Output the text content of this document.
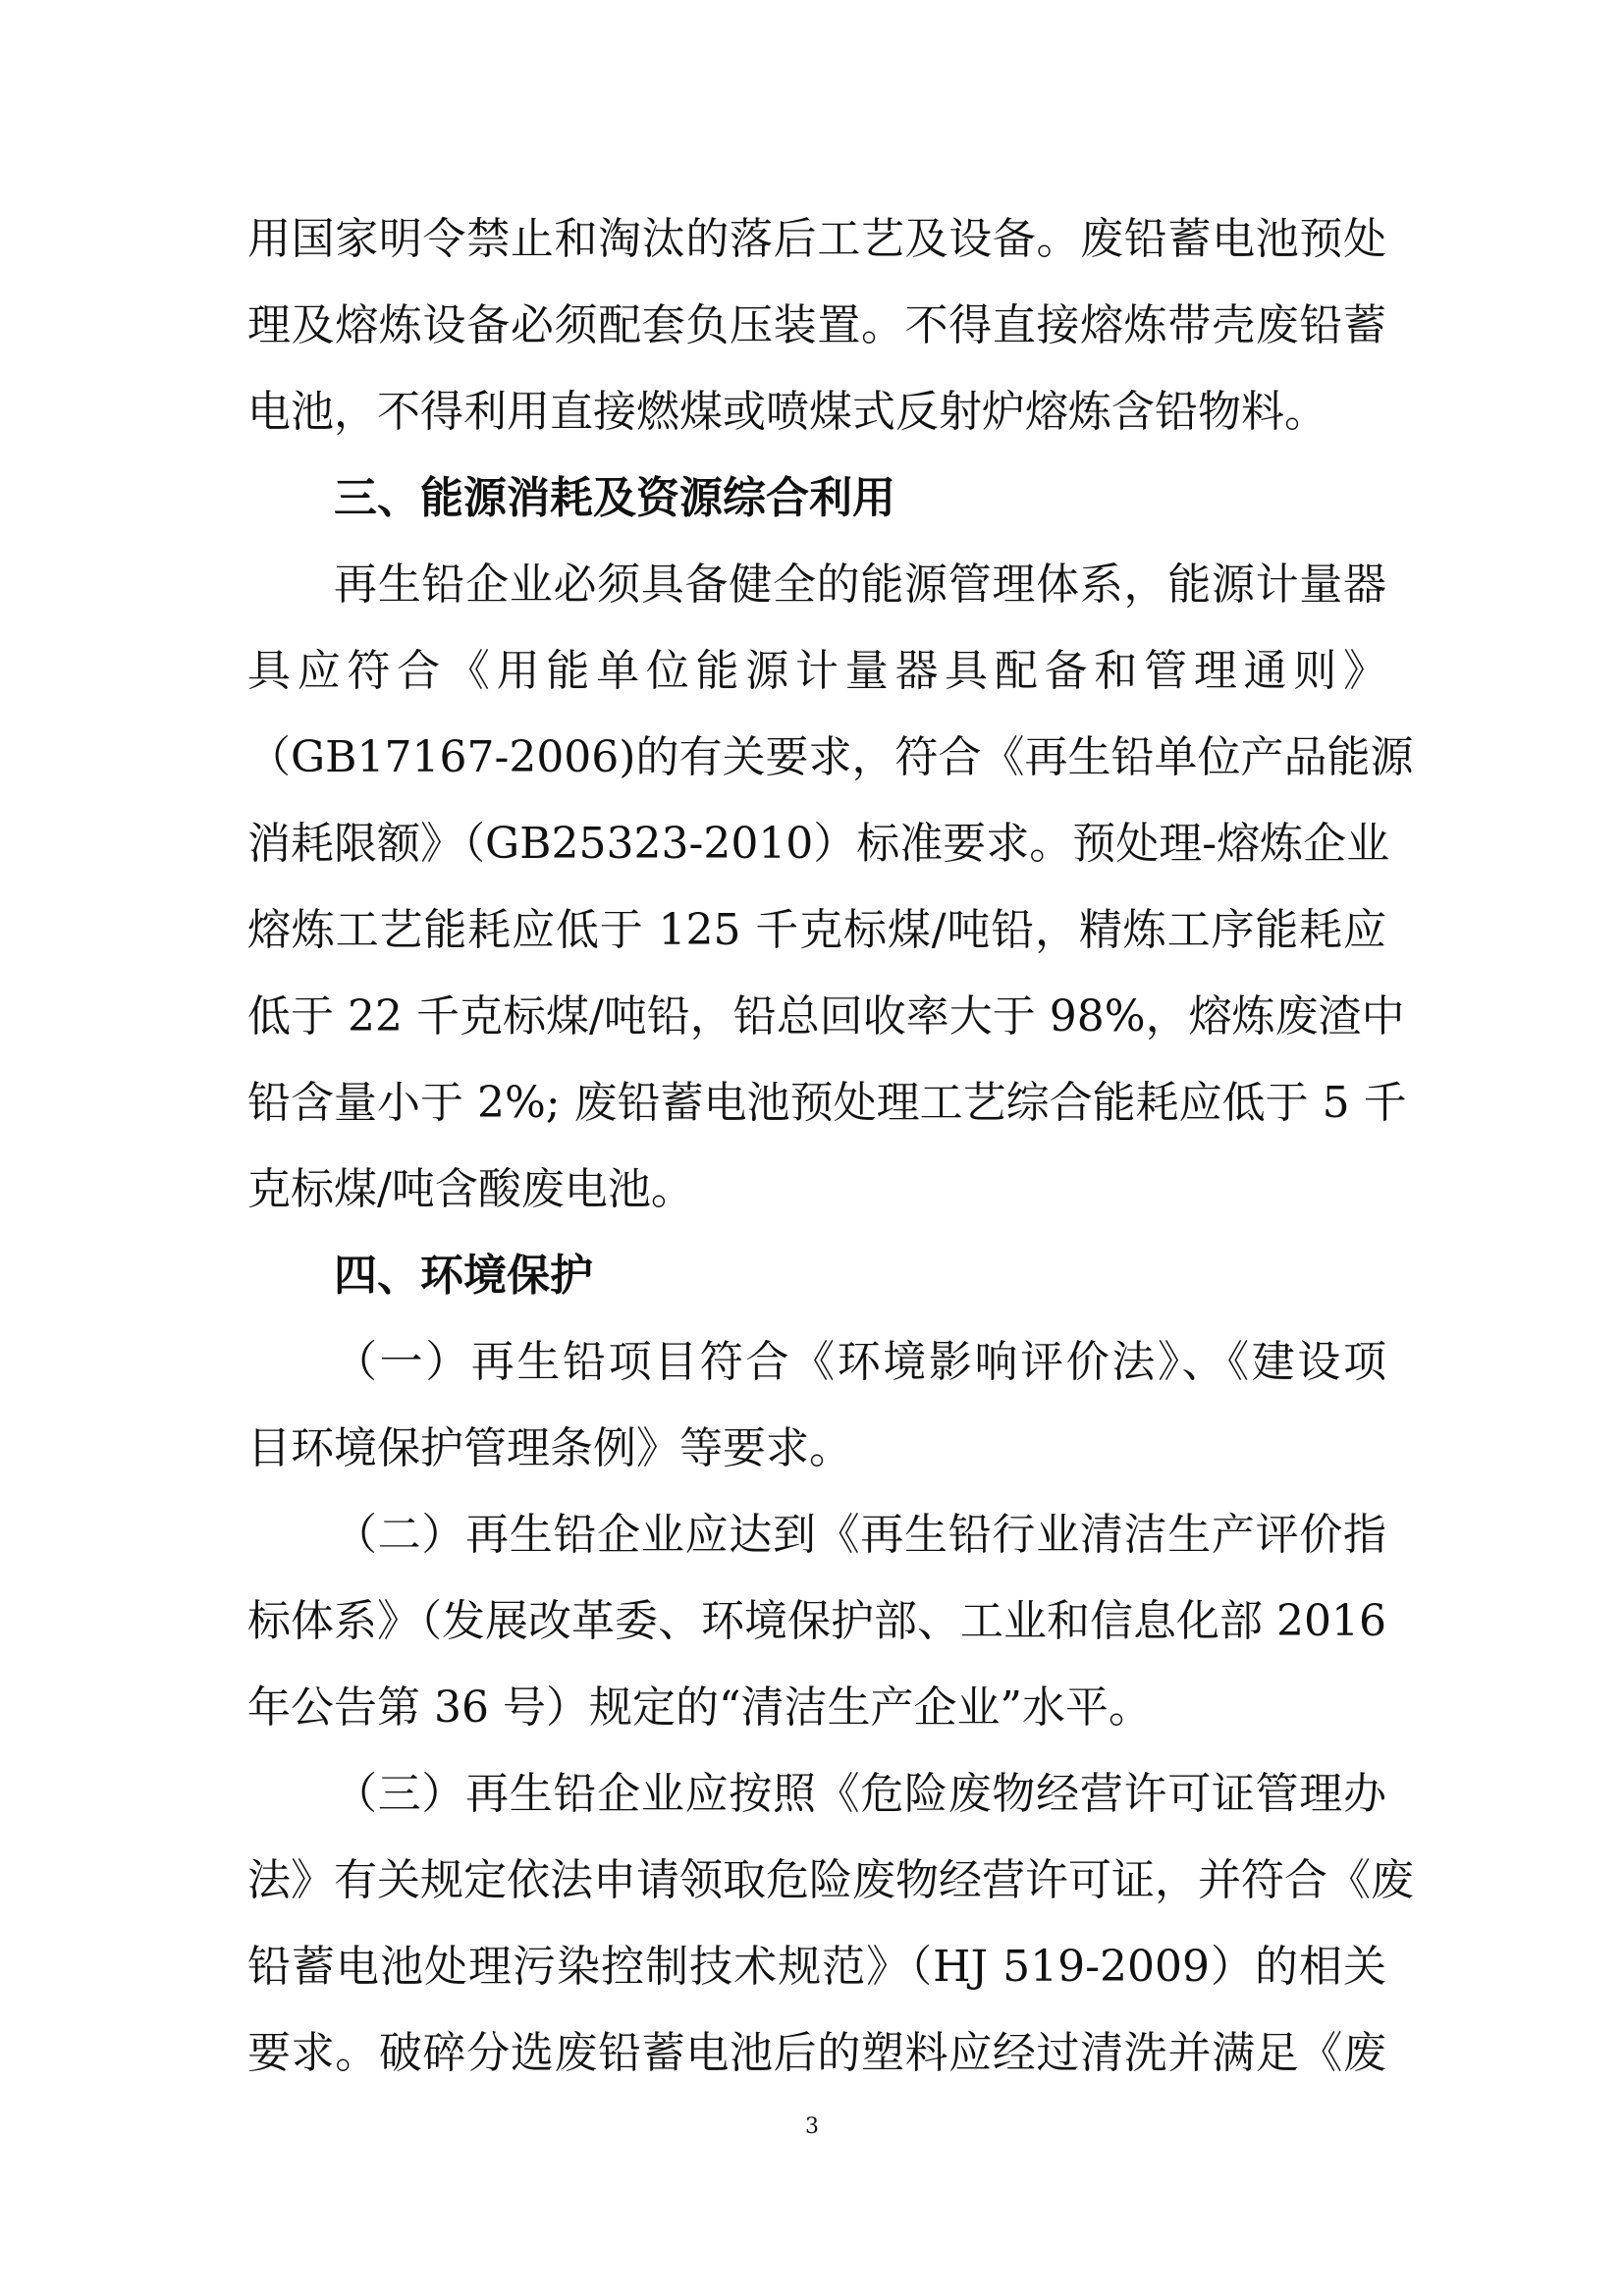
用国家明令禁止和淘汰的落后工艺及设备。废铅蓄电池预处
理及熔炼设备必须配套负压装置。不得直接熔炼带壳废铅蓄
电池，不得利用直接燃煤或喷煤式反射炉熔炼含铅物料。
三、能源消耗及资源综合利用
再生铅企业必须具备健全的能源管理体系，能源计量器
具应符合《用能单位能源计量器具配备和管理通则》
（GB17167-2006)的有关要求，符合《再生铅单位产品能源
消耗限额》（GB25323-2010）标准要求。预处理-熔炼企业
熔炼工艺能耗应低于 125 千克标煤/吨铅，精炼工序能耗应
低于 22 千克标煤/吨铅，铅总回收率大于 98%，熔炼废渣中
铅含量小于 2%; 废铅蓄电池预处理工艺综合能耗应低于 5 千
克标煤/吨含酸废电池。
四、环境保护
（一）再生铅项目符合《环境影响评价法》、《建设项
目环境保护管理条例》等要求。
（二）再生铅企业应达到《再生铅行业清洁生产评价指
标体系》（发展改革委、环境保护部、工业和信息化部 2016
年公告第 36 号）规定的“清洁生产企业”水平。
（三）再生铅企业应按照《危险废物经营许可证管理办
法》有关规定依法申请领取危险废物经营许可证，并符合《废
铅蓄电池处理污染控制技术规范》（HJ 519-2009）的相关
要求。破碎分选废铅蓄电池后的塑料应经过清洗并满足《废
3
